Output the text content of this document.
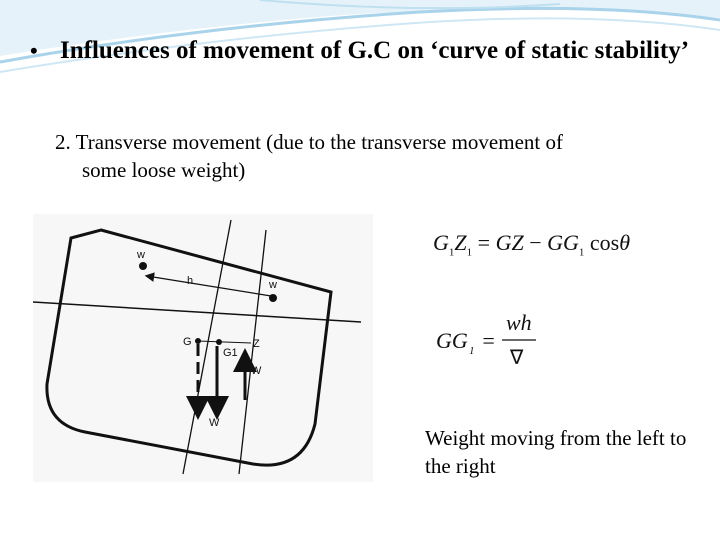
• Influences of movement of G.C on ‘curve of static stability’
2. Transverse movement (due to the transverse movement of
some loose weight)
w
w
h
G
G1
Z
W
W
$G_1Z_1$ = GZ − $GG_1$ cosθ
GG 1 =
wh
∇
Weight moving from the left to the right
